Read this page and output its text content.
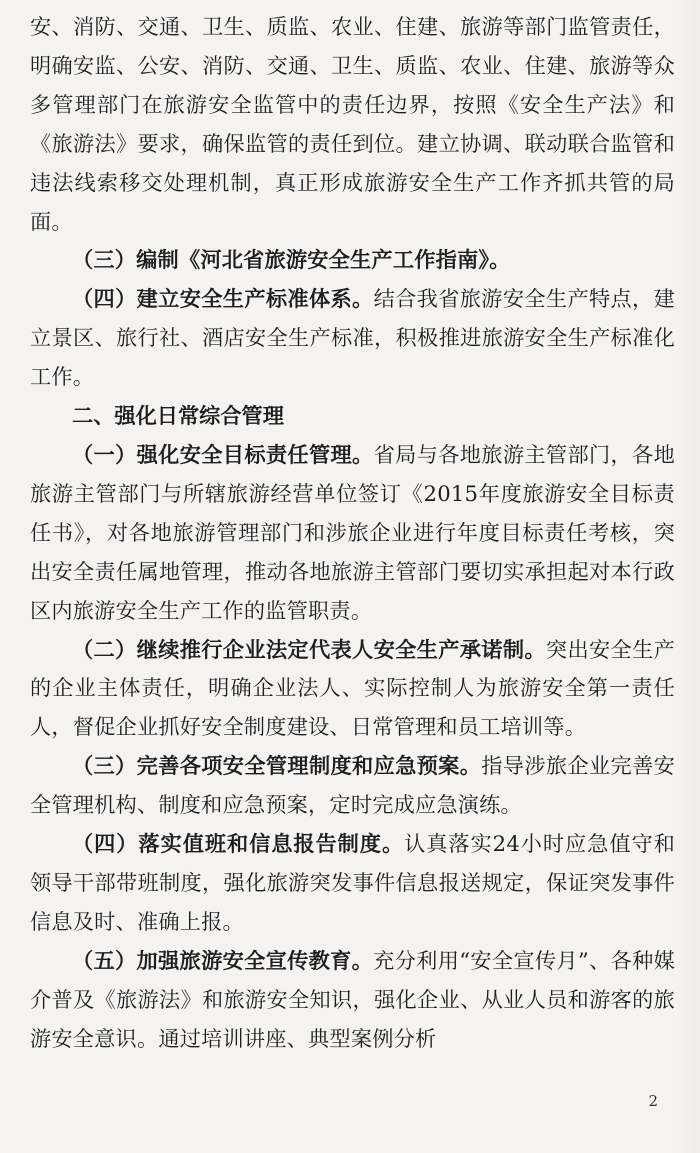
安、消防、交通、卫生、质监、农业、住建、旅游等部门监管责任，明确安监、公安、消防、交通、卫生、质监、农业、住建、旅游等众多管理部门在旅游安全监管中的责任边界，按照《安全生产法》和《旅游法》要求，确保监管的责任到位。建立协调、联动联合监管和违法线索移交处理机制，真正形成旅游安全生产工作齐抓共管的局面。

（三）编制《河北省旅游安全生产工作指南》。

（四）建立安全生产标准体系。结合我省旅游安全生产特点，建立景区、旅行社、酒店安全生产标准，积极推进旅游安全生产标准化工作。

二、强化日常综合管理

（一）强化安全目标责任管理。省局与各地旅游主管部门，各地旅游主管部门与所辖旅游经营单位签订《2015年度旅游安全目标责任书》，对各地旅游管理部门和涉旅企业进行年度目标责任考核，突出安全责任属地管理，推动各地旅游主管部门要切实承担起对本行政区内旅游安全生产工作的监管职责。

（二）继续推行企业法定代表人安全生产承诺制。突出安全生产的企业主体责任，明确企业法人、实际控制人为旅游安全第一责任人，督促企业抓好安全制度建设、日常管理和员工培训等。

（三）完善各项安全管理制度和应急预案。指导涉旅企业完善安全管理机构、制度和应急预案，定时完成应急演练。

（四）落实值班和信息报告制度。认真落实24小时应急值守和领导干部带班制度，强化旅游突发事件信息报送规定，保证突发事件信息及时、准确上报。

（五）加强旅游安全宣传教育。充分利用“安全宣传月”、各种媒介普及《旅游法》和旅游安全知识，强化企业、从业人员和游客的旅游安全意识。通过培训讲座、典型案例分析

2
